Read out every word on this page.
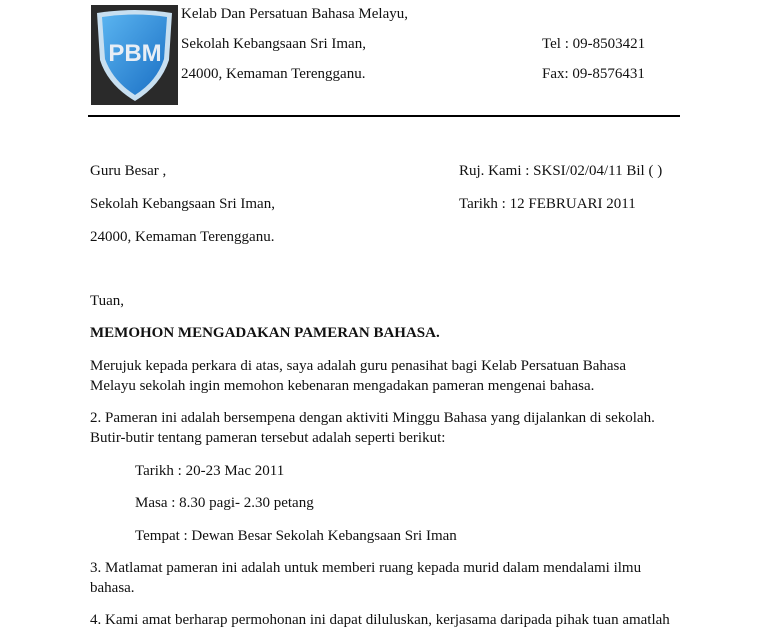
PBM
Kelab Dan Persatuan Bahasa Melayu,
Sekolah Kebangsaan Sri Iman,
24000, Kemaman Terengganu.
Tel : 09-8503421
Fax: 09-8576431
Guru Besar ,
Sekolah Kebangsaan Sri Iman,
24000, Kemaman Terengganu.
Ruj. Kami : SKSI/02/04/11 Bil ( )
Tarikh : 12 FEBRUARI 2011
Tuan,
MEMOHON MENGADAKAN PAMERAN BAHASA.
Merujuk kepada perkara di atas, saya adalah guru penasihat bagi Kelab Persatuan Bahasa
Melayu sekolah ingin memohon kebenaran mengadakan pameran mengenai bahasa.
2. Pameran ini adalah bersempena dengan aktiviti Minggu Bahasa yang dijalankan di sekolah.
Butir-butir tentang pameran tersebut adalah seperti berikut:
Tarikh : 20-23 Mac 2011
Masa : 8.30 pagi- 2.30 petang
Tempat : Dewan Besar Sekolah Kebangsaan Sri Iman
3. Matlamat pameran ini adalah untuk memberi ruang kepada murid dalam mendalami ilmu
bahasa.
4. Kami amat berharap permohonan ini dapat diluluskan, kerjasama daripada pihak tuan amatlah
